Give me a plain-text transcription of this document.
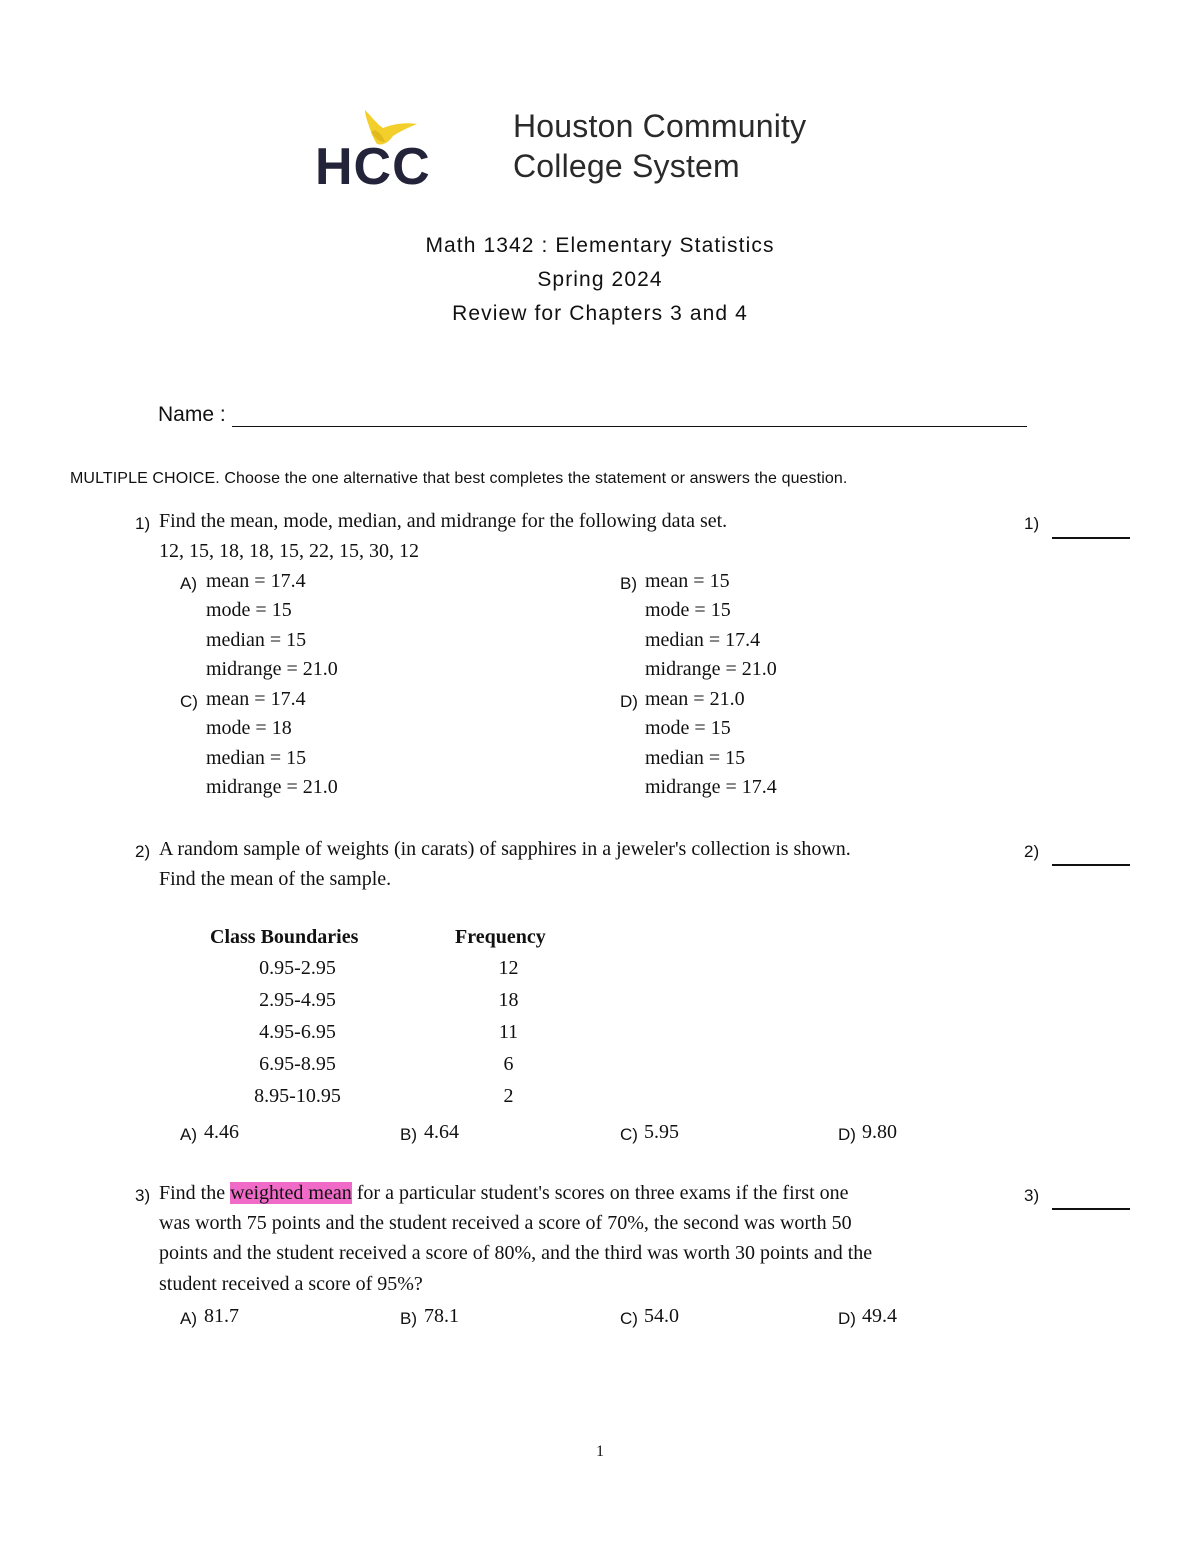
HCC
Houston Community
College System
Math 1342 : Elementary Statistics
Spring 2024
Review for Chapters 3 and 4
Name :
MULTIPLE CHOICE. Choose the one alternative that best completes the statement or answers the question.
1) Find the mean, mode, median, and midrange for the following data set.
12, 15, 18, 18, 15, 22, 15, 30, 12
1)
A) mean = 17.4
mode = 15
median = 15
midrange = 21.0
B) mean = 15
mode = 15
median = 17.4
midrange = 21.0
C) mean = 17.4
mode = 18
median = 15
midrange = 21.0
D) mean = 21.0
mode = 15
median = 15
midrange = 17.4
2) A random sample of weights (in carats) of sapphires in a jeweler's collection is shown.
Find the mean of the sample.
2)
Class Boundaries	Frequency
0.95-2.95	12
2.95-4.95	18
4.95-6.95	11
6.95-8.95	6
8.95-10.95	2
A) 4.46	B) 4.64	C) 5.95	D) 9.80
3) Find the weighted mean for a particular student's scores on three exams if the first one
was worth 75 points and the student received a score of 70%, the second was worth 50
points and the student received a score of 80%, and the third was worth 30 points and the
student received a score of 95%?
3)
A) 81.7	B) 78.1	C) 54.0	D) 49.4
1
